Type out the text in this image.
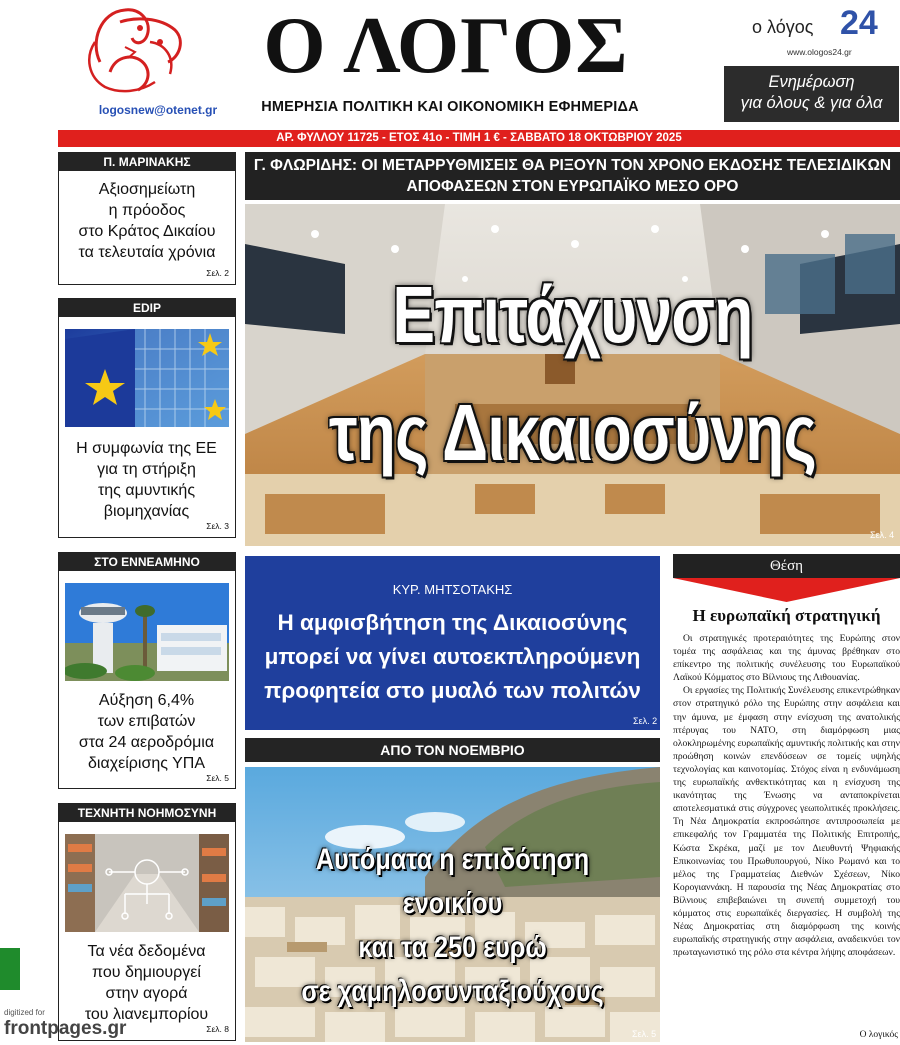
logosnew@otenet.gr
Ο ΛΟΓΟΣ
ΗΜΕΡΗΣΙΑ ΠΟΛΙΤΙΚΗ ΚΑΙ ΟΙΚΟΝΟΜΙΚΗ ΕΦΗΜΕΡΙΔΑ
ο λόγος 24
www.ologos24.gr
Ενημέρωση
για όλους & για όλα
ΑΡ. ΦΥΛΛΟΥ 11725 - ΕΤΟΣ 41ο - ΤΙΜΗ 1 € - ΣΑΒΒΑΤΟ 18 ΟΚΤΩΒΡΙΟΥ 2025
Π. ΜΑΡΙΝΑΚΗΣ
Αξιοσημείωτη
η πρόοδος
στο Κράτος Δικαίου
τα τελευταία χρόνια
Σελ. 2
EDIP
Η συμφωνία της ΕΕ
για τη στήριξη
της αμυντικής
βιομηχανίας
Σελ. 3
ΣΤΟ ΕΝΝΕΑΜΗΝΟ
Αύξηση 6,4%
των επιβατών
στα 24 αεροδρόμια
διαχείρισης ΥΠΑ
Σελ. 5
ΤΕΧΝΗΤΗ ΝΟΗΜΟΣΥΝΗ
Τα νέα δεδομένα
που δημιουργεί
στην αγορά
του λιανεμπορίου
Σελ. 8
Γ. ΦΛΩΡΙΔΗΣ: ΟΙ ΜΕΤΑΡΡΥΘΜΙΣΕΙΣ ΘΑ ΡΙΞΟΥΝ ΤΟΝ ΧΡΟΝΟ ΕΚΔΟΣΗΣ ΤΕΛΕΣΙΔΙΚΩΝ
ΑΠΟΦΑΣΕΩΝ ΣΤΟΝ ΕΥΡΩΠΑΪΚΟ ΜΕΣΟ ΟΡΟ
Επιτάχυνση
της Δικαιοσύνης
Σελ. 4
ΚΥΡ. ΜΗΤΣΟΤΑΚΗΣ
Η αμφισβήτηση της Δικαιοσύνης
μπορεί να γίνει αυτοεκπληρούμενη
προφητεία στο μυαλό των πολιτών
Σελ. 2
ΑΠΟ ΤΟΝ ΝΟΕΜΒΡΙΟ
Αυτόματα η επιδότηση ενοικίου
και τα 250 ευρώ
σε χαμηλοσυνταξιούχους
Σελ. 5
Θέση
Η ευρωπαϊκή στρατηγική

Οι στρατηγικές προτεραιότητες της Ευρώπης στον τομέα της ασφάλειας και της άμυνας βρέθηκαν στο επίκεντρο της πολιτικής συνέλευσης του Ευρωπαϊκού Λαϊκού Κόμματος στο Βίλνιους της Λιθουανίας.

Οι εργασίες της Πολιτικής Συνέλευσης επικεντρώθηκαν στον στρατηγικό ρόλο της Ευρώπης στην ασφάλεια και την άμυνα, με έμφαση στην ενίσχυση της ανατολικής πτέρυγας του ΝΑΤΟ, στη διαμόρφωση μιας ολοκληρωμένης ευρωπαϊκής αμυντικής πολιτικής και στην προώθηση κοινών επενδύσεων σε τομείς υψηλής τεχνολογίας και καινοτομίας. Στόχος είναι η ενδυνάμωση της ευρωπαϊκής ανθεκτικότητας και η ενίσχυση της ικανότητας της Ένωσης να ανταποκρίνεται αποτελεσματικά στις σύγχρονες γεωπολιτικές προκλήσεις. Τη Νέα Δημοκρατία εκπροσώπησε αντιπροσωπεία με επικεφαλής τον Γραμματέα της Πολιτικής Επιτροπής, Κώστα Σκρέκα, μαζί με τον Διευθυντή Ψηφιακής Επικοινωνίας του Πρωθυπουργού, Νίκο Ρωμανό και το μέλος της Γραμματείας Διεθνών Σχέσεων, Νίκο Κορογιαννάκη. Η παρουσία της Νέας Δημοκρατίας στο Βίλνιους επιβεβαιώνει τη συνεπή συμμετοχή του κόμματος στις ευρωπαϊκές διεργασίες. Η συμβολή της Νέας Δημοκρατίας στη διαμόρφωση της κοινής ευρωπαϊκής στρατηγικής στην ασφάλεια, αναδεικνύει τον πρωταγωνιστικό της ρόλο στα κέντρα λήψης αποφάσεων.

Ο λογικός
digitized for
frontpages.gr
